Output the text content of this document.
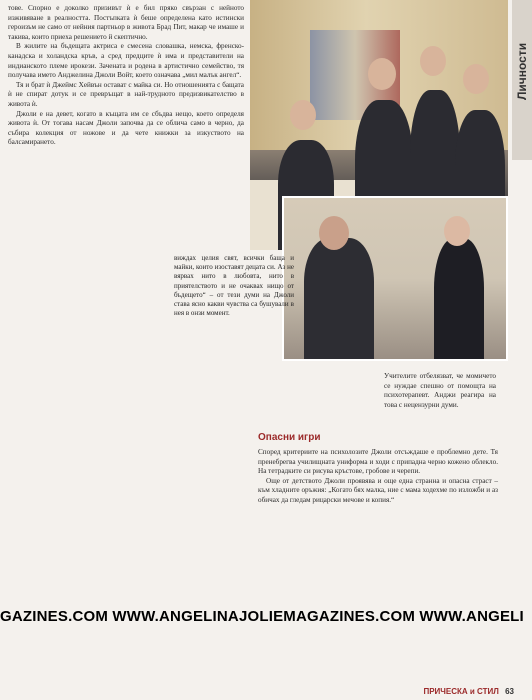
Личности

тове. Спорно е доколко призивът ѝ е бил пряко свързан с нейното изживяване в реалността. Постъпката ѝ беше определена като истински героизъм не само от нейния партньор в живота Брад Пит, макар че имаше и такива, които приеха решението й скептично.

В жилите на бъдещата актриса е смесена словашка, немска, френско-канадска и холандска кръв, а сред предците ѝ има и представители на индианското племе ирокези. Зачената и родена в артистично семейство, тя получава името Анджелина Джоли Войт, което означава „мил малък ангел“.

Тя и брат ѝ Джеймс Хейвън остават с майка си. Но отношенията с бащата ѝ не спират дотук и се превръщат в най-трудното предизвикателство в живота ѝ.

Джоли е на девет, когато в къщата им се сбъдва нещо, което определя живота ѝ. От тогава насам Джоли започва да се облича само в черно, да събира колекция от ножове и да чете книжки за изкуството на балсамирането.

виждах целия свят, всички баща и майки, които изоставят децата си. Аз не вярвах нито в любовта, нито в приятелството и не очаквах нищо от бъдещето“ – от тези думи на Джоли става ясно какви чувства са бушували в нея в онзи момент.
Учителите отбелязват, че момичето се нуждае спешно от помощта на психотерапевт. Анджи реагира на това с нецензурни думи.
Опасни игри

Според критериите на психолозите Джоли отсъждаше е проблемно дете. Тя пренебрегва училищната униформа и ходи с припадна черно кожено облекло. На тетрадките си рисува кръстове, гробове и черепи.

Още от детството Джоли проявява и още една странна и опасна страст – към хладните оръжия: „Когато бях малка, ние с мама ходехме по изложби и аз обичах да гледам рицарски мечове и копия.“

GAZINES.COM WWW.ANGELINAJOLIEMAGAZINES.COM WWW.ANGELI
ПРИЧЕСКА и СТИЛ 63
